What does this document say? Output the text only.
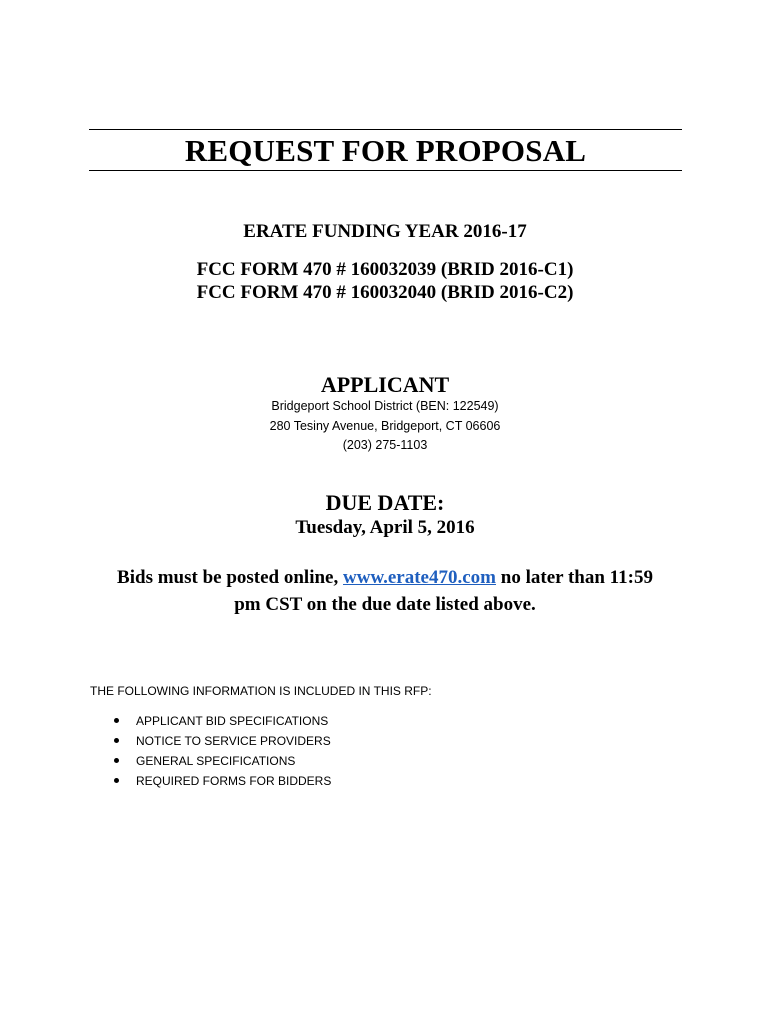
REQUEST FOR PROPOSAL
ERATE FUNDING YEAR 2016-17
FCC FORM 470 # 160032039 (BRID 2016-C1)
FCC FORM 470 # 160032040 (BRID 2016-C2)
APPLICANT
Bridgeport School District (BEN: 122549)
280 Tesiny Avenue, Bridgeport, CT 06606
(203) 275-1103
DUE DATE:
Tuesday, April 5, 2016
Bids must be posted online, www.erate470.com no later than 11:59
pm CST on the due date listed above.
THE FOLLOWING INFORMATION IS INCLUDED IN THIS RFP:
APPLICANT BID SPECIFICATIONS
NOTICE TO SERVICE PROVIDERS
GENERAL SPECIFICATIONS
REQUIRED FORMS FOR BIDDERS
